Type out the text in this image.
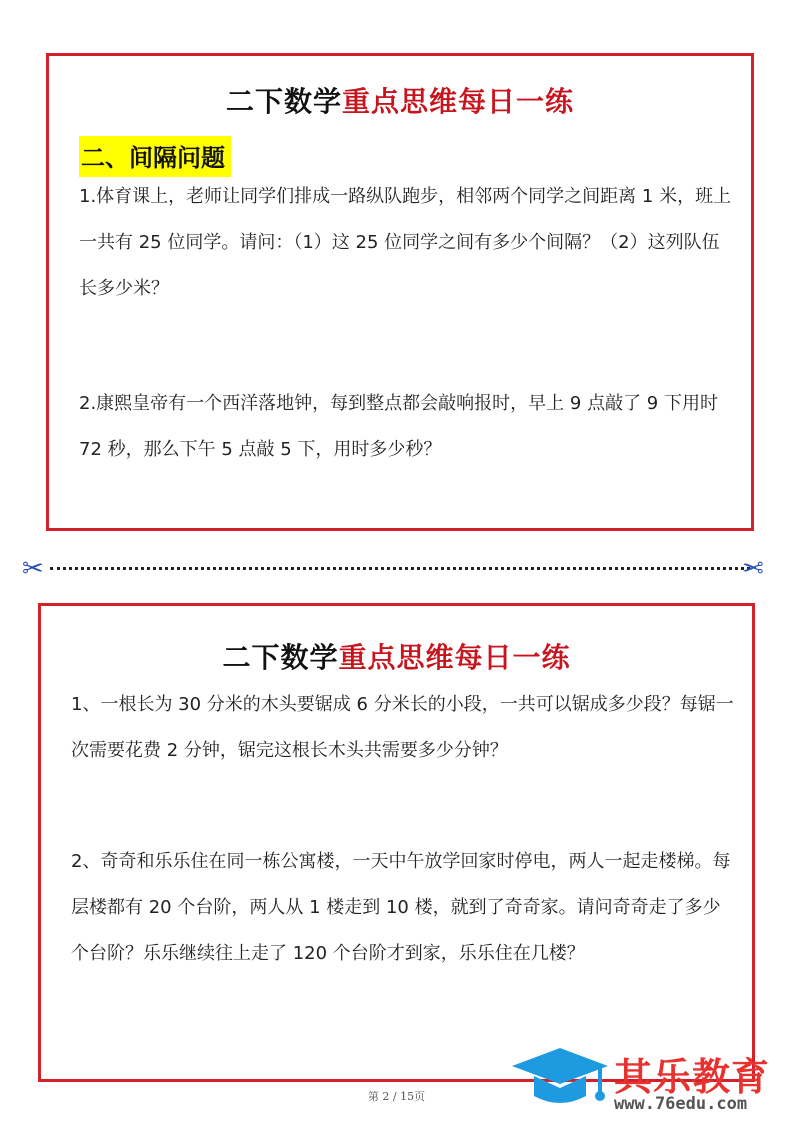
二下数学重点思维每日一练
二、间隔问题

1.体育课上，老师让同学们排成一路纵队跑步，相邻两个同学之间距离 1 米，班上一共有 25 位同学。请问：（1）这 25 位同学之间有多少个间隔？（2）这列队伍长多少米？

2.康熙皇帝有一个西洋落地钟，每到整点都会敲响报时，早上 9 点敲了 9 下用时 72 秒，那么下午 5 点敲 5 下，用时多少秒？

✂	✂
二下数学重点思维每日一练

1、一根长为 30 分米的木头要锯成 6 分米长的小段，一共可以锯成多少段？每锯一次需要花费 2 分钟，锯完这根长木头共需要多少分钟？

2、奇奇和乐乐住在同一栋公寓楼，一天中午放学回家时停电，两人一起走楼梯。每层楼都有 20 个台阶，两人从 1 楼走到 10 楼，就到了奇奇家。请问奇奇走了多少个台阶？乐乐继续往上走了 120 个台阶才到家，乐乐住在几楼？

第 2 / 15页	其乐教育
www.76edu.com
